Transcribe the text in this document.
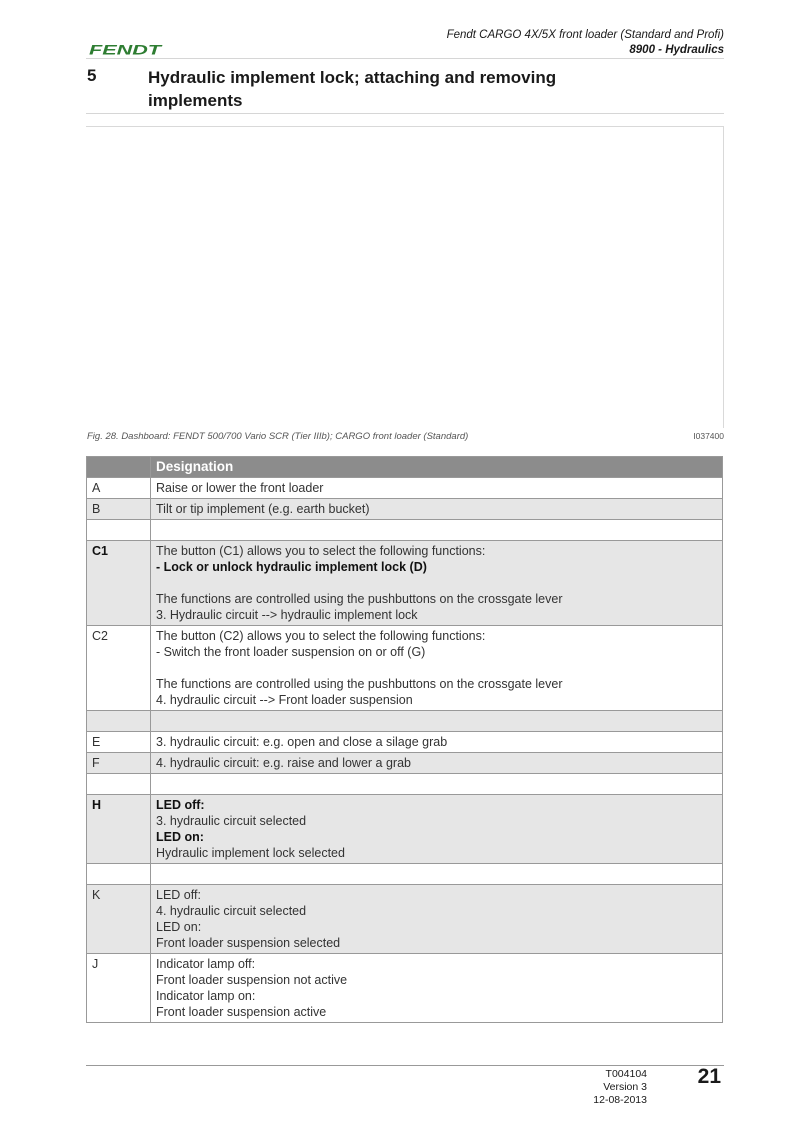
FENDT
Fendt CARGO 4X/5X front loader (Standard and Profi)
8900 - Hydraulics
5	Hydraulic implement lock; attaching and removing implements
Fig. 28. Dashboard: FENDT 500/700 Vario SCR (Tier IIIb); CARGO front loader (Standard)	I037400
	Designation
A	Raise or lower the front loader

B	Tilt or tip implement (e.g. earth bucket)

C1	The button (C1) allows you to select the following functions:
- Lock or unlock hydraulic implement lock (D)
The functions are controlled using the pushbuttons on the crossgate lever
3. Hydraulic circuit --> hydraulic implement lock

C2	The button (C2) allows you to select the following functions:
- Switch the front loader suspension on or off (G)
The functions are controlled using the pushbuttons on the crossgate lever
4. hydraulic circuit --> Front loader suspension

E	3. hydraulic circuit: e.g. open and close a silage grab

F	4. hydraulic circuit: e.g. raise and lower a grab

H	LED off:
3. hydraulic circuit selected
LED on:
Hydraulic implement lock selected

K	LED off:
4. hydraulic circuit selected
LED on:
Front loader suspension selected

J	Indicator lamp off:
Front loader suspension not active
Indicator lamp on:
Front loader suspension active
T004104
Version 3
12-08-2013
21
